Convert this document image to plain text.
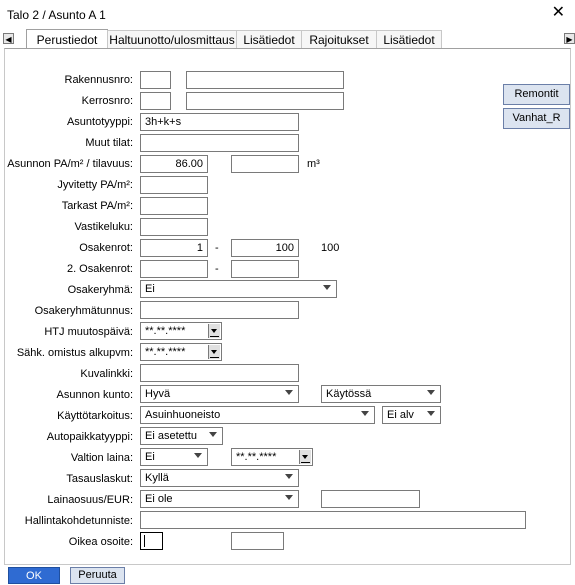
Talo 2 / Asunto A 1	✕
◀	Perustiedot Haltuunotto/ulosmittaus Lisätiedot	Rajoitukset	Lisätiedot	▶
Rakennusnro:
Kerrosnro:
Asuntotyyppi:	3h+k+s
Muut tilat:
Asunnon PA/m² / tilavuus:	86.00	m³
Jyvitetty PA/m²:
Tarkast PA/m²:
Vastikeluku:
Osakenrot:	1	-	100	100
2. Osakenrot:	-
Osakeryhmä:	Ei
Osakeryhmätunnus:
HTJ muutospäivä:	**.**.****
Sähk. omistus alkupvm:	**.**.****
Kuvalinkki:
Asunnon kunto:	Hyvä	Käytössä
Käyttötarkoitus:	Asuinhuoneisto	Ei alv
Autopaikkatyyppi:	Ei asetettu
Valtion laina:	Ei	**.**.****
Tasauslaskut:	Kyllä
Lainaosuus/EUR:	Ei ole
Hallintakohdetunniste:
Oikea osoite:
Remontit
Vanhat_R
OK	Peruuta
